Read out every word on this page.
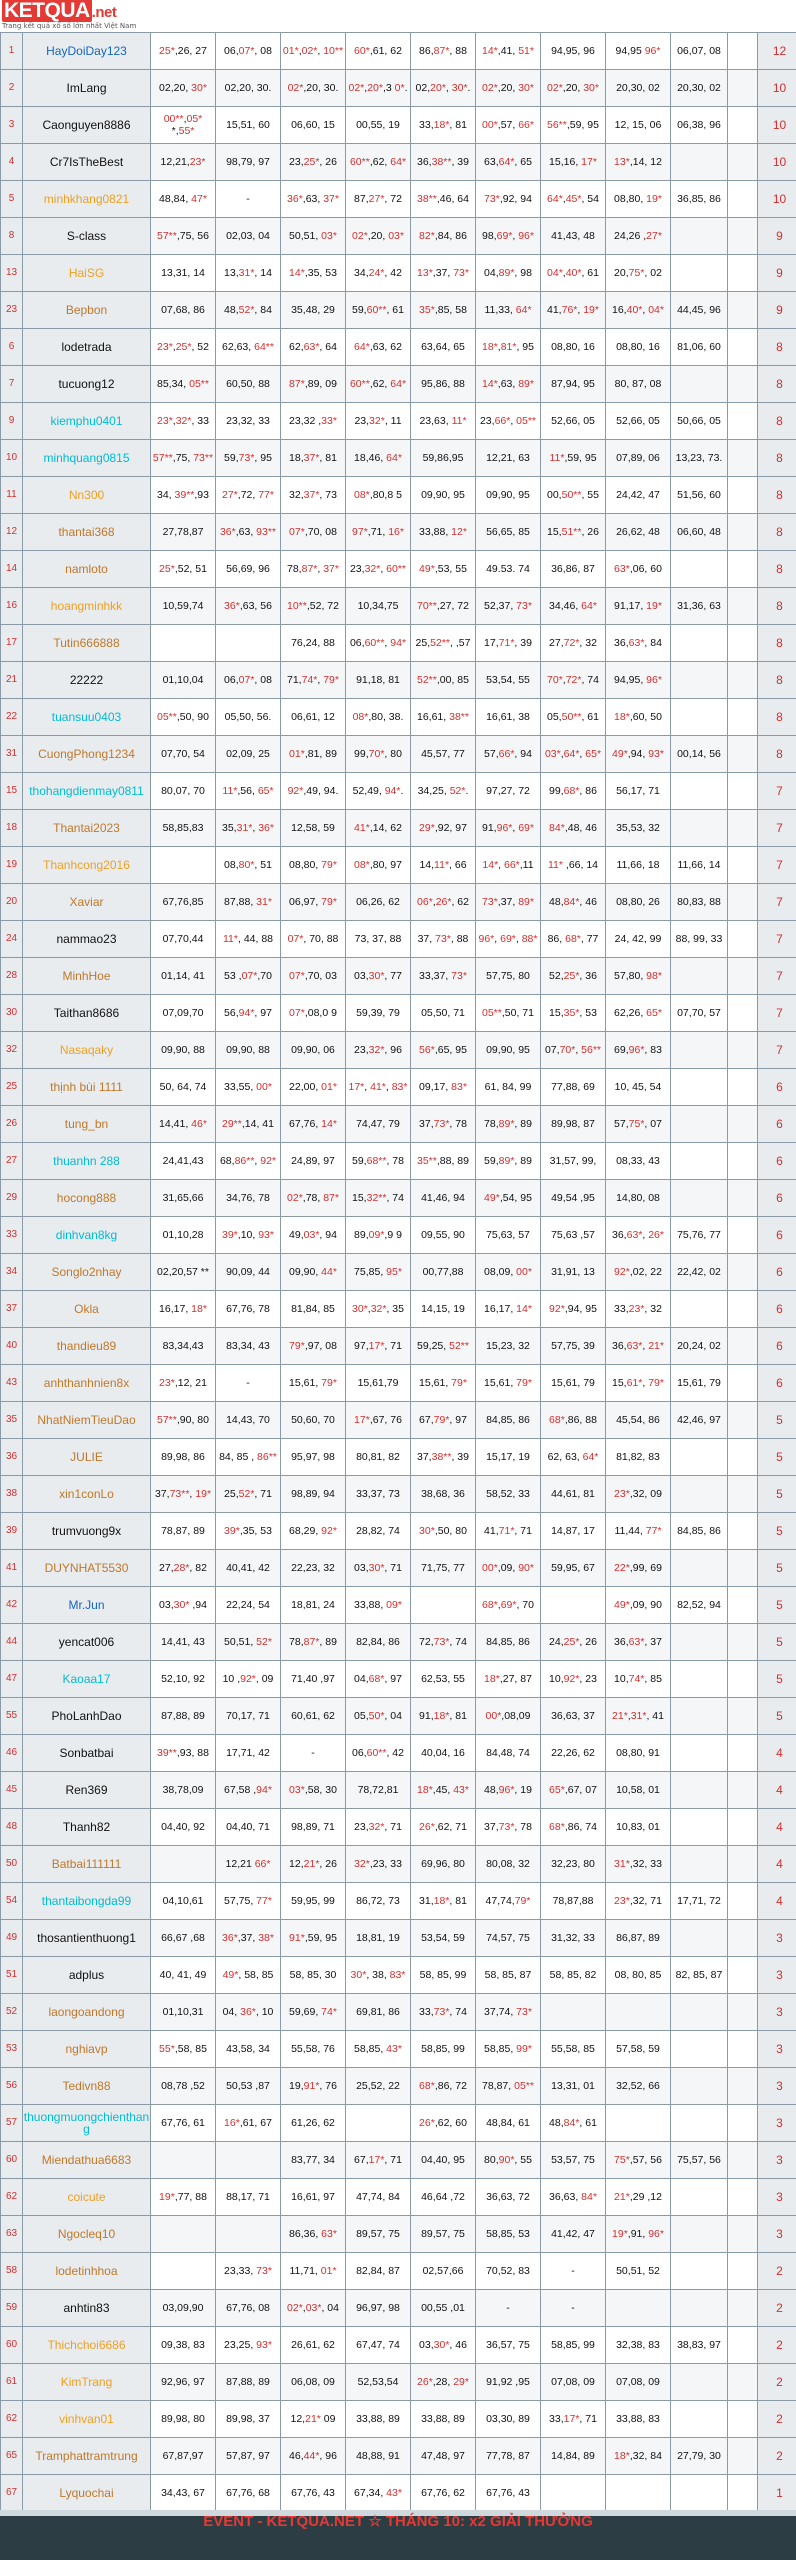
1	HayDoiDay123	25*,26, 27	06,07*, 08	01*,02*, 10**	60*,61, 62	86,87*, 88	14*,41, 51*	94,95, 96	94,95 96*	06,07, 08		12
2	ImLang	02,20, 30*	02,20, 30.	02*,20, 30.	02*,20*,3 0*.	02,20*, 30*.	02*,20, 30*	02*,20, 30*	20,30, 02	20,30, 02		10
3	Caonguyen8886	00**,05* *,55*	15,51, 60	06,60, 15	00,55, 19	33,18*, 81	00*,57, 66*	56**,59, 95	12, 15, 06	06,38, 96		10
4	Cr7IsTheBest	12,21,23*	98,79, 97	23,25*, 26	60**,62, 64*	36,38**, 39	63,64*, 65	15,16, 17*	13*,14, 12			10
5	minhkhang0821	48,84, 47*	-	36*,63, 37*	87,27*, 72	38**,46, 64	73*,92, 94	64*,45*, 54	08,80, 19*	36,85, 86		10
8	S-class	57**,75, 56	02,03, 04	50,51, 03*	02*,20, 03*	82*,84, 86	98,69*, 96*	41,43, 48	24,26 ,27*			9
13	HaiSG	13,31, 14	13,31*, 14	14*,35, 53	34,24*, 42	13*,37, 73*	04,89*, 98	04*,40*, 61	20,75*, 02			9
23	Bepbon	07,68, 86	48,52*, 84	35,48, 29	59,60**, 61	35*,85, 58	11,33, 64*	41,76*, 19*	16,40*, 04*	44,45, 96		9
6	lodetrada	23*,25*, 52	62,63, 64**	62,63*, 64	64*,63, 62	63,64, 65	18*,81*, 95	08,80, 16	08,80, 16	81,06, 60		8
7	tucuong12	85,34, 05**	60,50, 88	87*,89, 09	60**,62, 64*	95,86, 88	14*,63, 89*	87,94, 95	80, 87, 08			8
9	kiemphu0401	23*,32*, 33	23,32, 33	23,32 ,33*	23,32*, 11	23,63, 11*	23,66*, 05**	52,66, 05	52,66, 05	50,66, 05		8
10	minhquang0815	57**,75, 73**	59,73*, 95	18,37*, 81	18,46, 64*	59,86,95	12,21, 63	11*,59, 95	07,89, 06	13,23, 73.		8
11	Nn300	34, 39**,93	27*,72, 77*	32,37*, 73	08*,80,8 5	09,90, 95	09,90, 95	00,50**, 55	24,42, 47	51,56, 60		8
12	thantai368	27,78,87	36*,63, 93**	07*,70, 08	97*,71, 16*	33,88, 12*	56,65, 85	15,51**, 26	26,62, 48	06,60, 48		8
14	namloto	25*,52, 51	56,69, 96	78,87*, 37*	23,32*, 60**	49*,53, 55	49.53. 74	36,86, 87	63*,06, 60			8
16	hoangminhkk	10,59,74	36*,63, 56	10**,52, 72	10,34,75	70**,27, 72	52,37, 73*	34,46, 64*	91,17, 19*	31,36, 63		8
17	Tutin666888			76,24, 88	06,60**, 94*	25,52**, ,57	17,71*, 39	27,72*, 32	36,63*, 84			8
21	22222	01,10,04	06,07*, 08	71,74*, 79*	91,18, 81	52**,00, 85	53,54, 55	70*,72*, 74	94,95, 96*			8
22	tuansuu0403	05**,50, 90	05,50, 56.	06,61, 12	08*,80, 38.	16,61, 38**	16,61, 38	05,50**, 61	18*,60, 50			8
31	CuongPhong1234	07,70, 54	02,09, 25	01*,81, 89	99,70*, 80	45,57, 77	57,66*, 94	03*,64*, 65*	49*,94, 93*	00,14, 56		8
15	thohangdienmay0811	80,07, 70	11*,56, 65*	92*,49, 94.	52,49, 94*.	34,25, 52*.	97,27, 72	99,68*, 86	56,17, 71			7
18	Thantai2023	58,85,83	35,31*, 36*	12,58, 59	41*,14, 62	29*,92, 97	91,96*, 69*	84*,48, 46	35,53, 32			7
19	Thanhcong2016		08,80*, 51	08,80, 79*	08*,80, 97	14,11*, 66	14*, 66*,11	11* ,66, 14	11,66, 18	11,66, 14		7
20	Xaviar	67,76,85	87,88, 31*	06,97, 79*	06,26, 62	06*,26*, 62	73*,37, 89*	48,84*, 46	08,80, 26	80,83, 88		7
24	nammao23	07,70,44	11*, 44, 88	07*, 70, 88	73, 37, 88	37, 73*, 88	96*, 69*, 88*	86, 68*, 77	24, 42, 99	88, 99, 33		7
28	MinhHoe	01,14, 41	53 ,07*,70	07*,70, 03	03,30*, 77	33,37, 73*	57,75, 80	52,25*, 36	57,80, 98*			7
30	Taithan8686	07,09,70	56,94*, 97	07*,08,0 9	59,39, 79	05,50, 71	05**,50, 71	15,35*, 53	62,26, 65*	07,70, 57		7
32	Nasaqaky	09,90, 88	09,90, 88	09,90, 06	23,32*, 96	56*,65, 95	09,90, 95	07,70*, 56**	69,96*, 83			7
25	thịnh bùi 1111	50, 64, 74	33,55, 00*	22,00, 01*	17*, 41*, 83*	09,17, 83*	61, 84, 99	77,88, 69	10, 45, 54			6
26	tung_bn	14,41, 46*	29**,14, 41	67,76, 14*	74,47, 79	37,73*, 78	78,89*, 89	89,98, 87	57,75*, 07			6
27	thuanhn 288	24,41,43	68,86**, 92*	24,89, 97	59,68**, 78	35**,88, 89	59,89*, 89	31,57, 99,	08,33, 43			6
29	hocong888	31,65,66	34,76, 78	02*,78, 87*	15,32**, 74	41,46, 94	49*,54, 95	49,54 ,95	14,80, 08			6
33	dinhvan8kg	01,10,28	39*,10, 93*	49,03*, 94	89,09*,9 9	09,55, 90	75,63, 57	75,63 ,57	36,63*, 26*	75,76, 77		6
34	Songlo2nhay	02,20,57 **	90,09, 44	09,90, 44*	75,85, 95*	00,77,88	08,09, 00*	31,91, 13	92*,02, 22	22,42, 02		6
37	Okla	16,17, 18*	67,76, 78	81,84, 85	30*,32*, 35	14,15, 19	16,17, 14*	92*,94, 95	33,23*, 32			6
40	thandieu89	83,34,43	83,34, 43	79*,97, 08	97,17*, 71	59,25, 52**	15,23, 32	57,75, 39	36,63*, 21*	20,24, 02		6
43	anhthanhnien8x	23*,12, 21	-	15,61, 79*	15,61,79	15,61, 79*	15,61, 79*	15,61, 79	15,61*, 79*	15,61, 79		6
35	NhatNiemTieuDao	57**,90, 80	14,43, 70	50,60, 70	17*,67, 76	67,79*, 97	84,85, 86	68*,86, 88	45,54, 86	42,46, 97		5
36	JULIE	89,98, 86	84, 85 , 86**	95,97, 98	80,81, 82	37,38**, 39	15,17, 19	62, 63, 64*	81,82, 83			5
38	xin1conLo	37,73**, 19*	25,52*, 71	98,89, 94	33,37, 73	38,68, 36	58,52, 33	44,61, 81	23*,32, 09			5
39	trumvuong9x	78,87, 89	39*,35, 53	68,29, 92*	28,82, 74	30*,50, 80	41,71*, 71	14,87, 17	11,44, 77*	84,85, 86		5
41	DUYNHAT5530	27,28*, 82	40,41, 42	22,23, 32	03,30*, 71	71,75, 77	00*,09, 90*	59,95, 67	22*,99, 69			5
42	Mr.Jun	03,30* ,94	22,24, 54	18,81, 24	33,88, 09*		68*,69*, 70		49*,09, 90	82,52, 94		5
44	yencat006	14,41, 43	50,51, 52*	78,87*, 89	82,84, 86	72,73*, 74	84,85, 86	24,25*, 26	36,63*, 37			5
47	Kaoaa17	52,10, 92	10 ,92*, 09	71,40 ,97	04,68*, 97	62,53, 55	18*,27, 87	10,92*, 23	10,74*, 85			5
55	PhoLanhDao	87,88, 89	70,17, 71	60,61, 62	05,50*, 04	91,18*, 81	00*,08,09	36,63, 37	21*,31*, 41			5
46	Sonbatbai	39**,93, 88	17,71, 42	-	06,60**, 42	40,04, 16	84,48, 74	22,26, 62	08,80, 91			4
45	Ren369	38,78,09	67,58 ,94*	03*,58, 30	78,72,81	18*,45, 43*	48,96*, 19	65*,67, 07	10,58, 01			4
48	Thanh82	04,40, 92	04,40, 71	98,89, 71	23,32*, 71	26*,62, 71	37,73*, 78	68*,86, 74	10,83, 01			4
50	Batbai111111		12,21 66*	12,21*, 26	32*,23, 33	69,96, 80	80,08, 32	32,23, 80	31*,32, 33			4
54	thantaibongda99	04,10,61	57,75, 77*	59,95, 99	86,72, 73	31,18*, 81	47,74,79*	78,87,88	23*,32, 71	17,71, 72		4
49	thosantienthuong1	66,67 ,68	36*,37, 38*	91*,59, 95	18,81, 19	53,54, 59	74,57, 75	31,32, 33	86,87, 89			3
51	adplus	40, 41, 49	49*, 58, 85	58, 85, 30	30*, 38, 83*	58, 85, 99	58, 85, 87	58, 85, 82	08, 80, 85	82, 85, 87		3
52	laongoandong	01,10,31	04, 36*, 10	59,69, 74*	69,81, 86	33,73*, 74	37,74, 73*					3
53	nghiavp	55*,58, 85	43,58, 34	55,58, 76	58,85, 43*	58,85, 99	58,85, 99*	55,58, 85	57,58, 59			3
56	Tedivn88	08,78 ,52	50,53 ,87	19,91*, 76	25,52, 22	68*,86, 72	78,87, 05**	13,31, 01	32,52, 66			3
57	thuongmuongchienthang	67,76, 61	16*,61, 67	61,26, 62		26*,62, 60	48,84, 61	48,84*, 61				3
60	Miendathua6683			83,77, 34	67,17*, 71	04,40, 95	80,90*, 55	53,57, 75	75*,57, 56	75,57, 56		3
62	coicute	19*,77, 88	88,17, 71	16,61, 97	47,74, 84	46,64 ,72	36,63, 72	36,63, 84*	21*,29 ,12			3
63	Ngocleq10			86,36, 63*	89,57, 75	89,57, 75	58,85, 53	41,42, 47	19*,91, 96*			3
58	lodetinhhoa		23,33, 73*	11,71, 01*	82,84, 87	02,57,66	70,52, 83	-	50,51, 52			2
59	anhtin83	03,09,90	67,76, 08	02*,03*, 04	96,97, 98	00,55 ,01	-	-				2
60	Thichchoi6686	09,38, 83	23,25, 93*	26,61, 62	67,47, 74	03,30*, 46	36,57, 75	58,85, 99	32,38, 83	38,83, 97		2
61	KimTrang	92,96, 97	87,88, 89	06,08, 09	52,53,54	26*,28, 29*	91,92 ,95	07,08, 09	07,08, 09			2
62	vinhvan01	89,98, 80	89,98, 37	12,21* 09	33,88, 89	33,88, 89	03,30, 89	33,17*, 71	33,88, 83			2
65	Tramphattramtrung	67,87,97	57,87, 97	46,44*, 96	48,88, 91	47,48, 97	77,78, 87	14,84, 89	18*,32, 84	27,79, 30		2
67	Lyquochai	34,43, 67	67,76, 68	67,76, 43	67,34, 43*	67,76, 62	67,76, 43					1
KETQUA .net
Trang kết quả xổ số lớn nhất Việt Nam
EVENT - KETQUA.NET ☆ THÁNG 10: x2 GIẢI THƯỞNG
